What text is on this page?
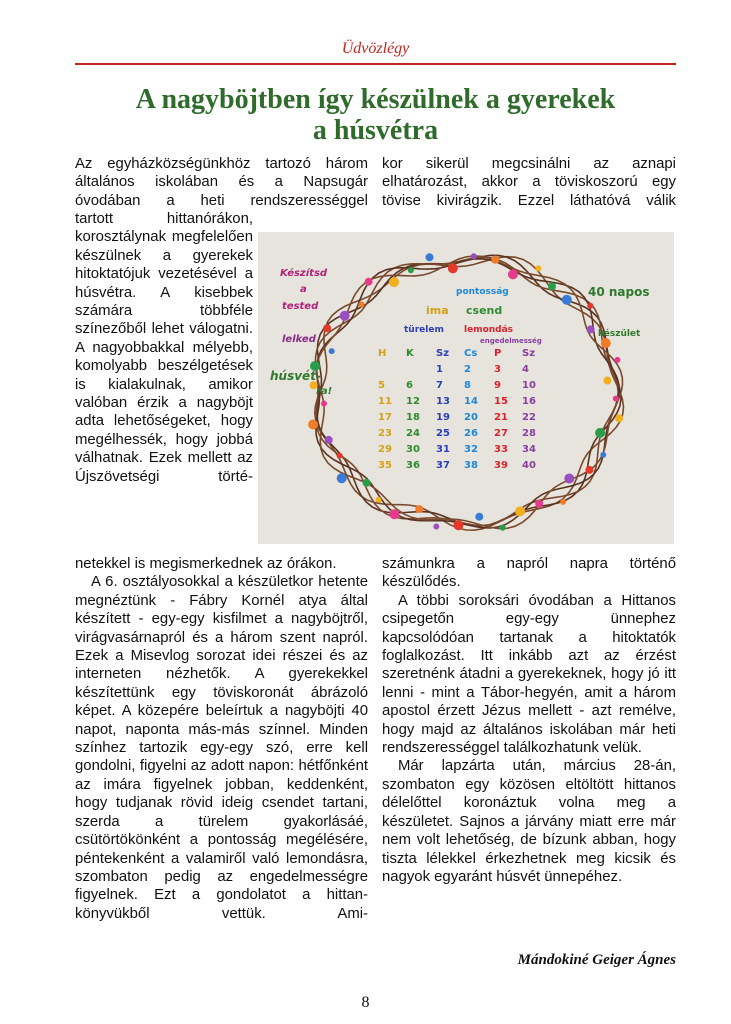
Üdvözlégy
A nagyböjtben így készülnek a gyerekek
a húsvétra

Az egyházközségünkhöz tartozó három általános iskolában és a Napsugár óvodában a heti rendszerességgel

tartott hittanórákon, korosztálynak megfelelően készülnek a gyerekek hitoktatójuk vezetésével a húsvétra. A kisebbek számára többféle színezőből lehet válogatni. A nagyobbakkal mélyebb, komolyabb beszélgetések is kialakulnak, amikor valóban érzik a nagyböjt adta lehetőségeket, hogy megélhessék, hogy jobbá válhatnak. Ezek mellett az Újszövetségi törté-

netekkel is megismerkednek az órákon.

A 6. osztályosokkal a készületkor hetente megnéztünk - Fábry Kornél atya által készített - egy-egy kisfilmet a nagyböjtről, virágvasárnapról és a három szent napról. Ezek a Misevlog sorozat idei részei és az interneten nézhetők. A gyerekekkel készítettünk egy töviskoronát ábrázoló képet. A közepére beleírtuk a nagyböjti 40 napot, naponta más-más színnel. Minden színhez tartozik egy-egy szó, erre kell gondolni, figyelni az adott napon: hétfőnként az imára figyelnek jobban, keddenként, hogy tudjanak rövid ideig csendet tartani, szerda a türelem gyakorlásáé, csütörtökönként a pontosság megélésére, péntekenként a valamiről való lemondásra, szombaton pedig az engedelmességre figyelnek. Ezt a gondolatot a hittan-könyvükből vettük. Ami-

kor sikerül megcsinálni az aznapi elhatározást, akkor a töviskoszorú egy tövise kivirágzik. Ezzel láthatóvá válik

számunkra a napról napra történő készülődés.

A többi soroksári óvodában a Hittanos csipegetőn egy-egy ünnephez kapcsolódóan tartanak a hitoktatók foglalkozást. Itt inkább azt az érzést szeretnénk átadni a gyerekeknek, hogy jó itt lenni - mint a Tábor-hegyén, amit a három apostol érzett Jézus mellett - azt remélve, hogy majd az általános iskolában már heti rendszerességgel találkozhatunk velük.

Már lapzárta után, március 28-án, szombaton egy közösen eltöltött hittanos délelőttel koronáztuk volna meg a készületet. Sajnos a járvány miatt erre már nem volt lehetőség, de bízunk abban, hogy tiszta lélekkel érkezhetnek meg kicsik és nagyok egyaránt húsvét ünnepéhez.

Készítsd
a
tested
lelked
húsvét-
ra!
40 napos
készület
pontosság
ima csend
türelem lemondás
engedelmesség
H K Sz Cs P Sz
1 2 3 4
5 6 7 8 9 10
11 12 13 14 15 16
17 18 19 20 21 22
23 24 25 26 27 28
29 30 31 32 33 34
35 36 37 38 39 40
Mándokiné Geiger Ágnes
8
